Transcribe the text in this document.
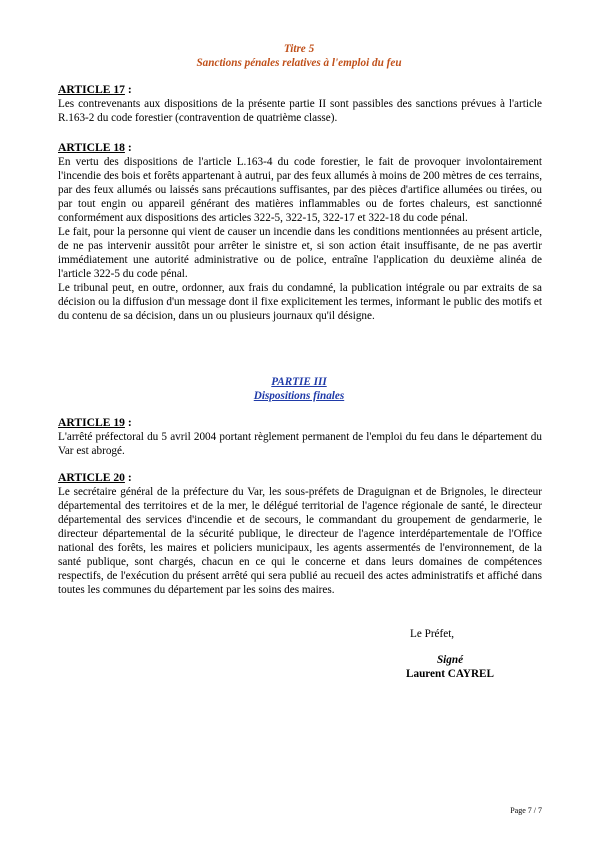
Titre 5
Sanctions pénales relatives à l'emploi du feu

ARTICLE 17 :

Les contrevenants aux dispositions de la présente partie II sont passibles des sanctions prévues à l'article R.163-2 du code forestier (contravention de quatrième classe).

ARTICLE 18 :

En vertu des dispositions de l'article L.163-4 du code forestier, le fait de provoquer involontairement l'incendie des bois et forêts appartenant à autrui, par des feux allumés à moins de 200 mètres de ces terrains, par des feux allumés ou laissés sans précautions suffisantes, par des pièces d'artifice allumées ou tirées, ou par tout engin ou appareil générant des matières inflammables ou de fortes chaleurs, est sanctionné conformément aux dispositions des articles 322-5, 322-15, 322-17 et 322-18 du code pénal.

Le fait, pour la personne qui vient de causer un incendie dans les conditions mentionnées au présent article, de ne pas intervenir aussitôt pour arrêter le sinistre et, si son action était insuffisante, de ne pas avertir immédiatement une autorité administrative ou de police, entraîne l'application du deuxième alinéa de l'article 322-5 du code pénal.

Le tribunal peut, en outre, ordonner, aux frais du condamné, la publication intégrale ou par extraits de sa décision ou la diffusion d'un message dont il fixe explicitement les termes, informant le public des motifs et du contenu de sa décision, dans un ou plusieurs journaux qu'il désigne.

PARTIE III
Dispositions finales

ARTICLE 19 :

L'arrêté préfectoral du 5 avril 2004 portant règlement permanent de l'emploi du feu dans le département du Var est abrogé.

ARTICLE 20 :

Le secrétaire général de la préfecture du Var, les sous-préfets de Draguignan et de Brignoles, le directeur départemental des territoires et de la mer, le délégué territorial de l'agence régionale de santé, le directeur départemental des services d'incendie et de secours, le commandant du groupement de gendarmerie, le directeur départemental de la sécurité publique, le directeur de l'agence interdépartementale de l'Office national des forêts, les maires et policiers municipaux, les agents assermentés de l'environnement, de la santé publique, sont chargés, chacun en ce qui le concerne et dans leurs domaines de compétences respectifs, de l'exécution du présent arrêté qui sera publié au recueil des actes administratifs et affiché dans toutes les communes du département par les soins des maires.

Le Préfet,
Signé
Laurent CAYREL
Page 7 / 7
